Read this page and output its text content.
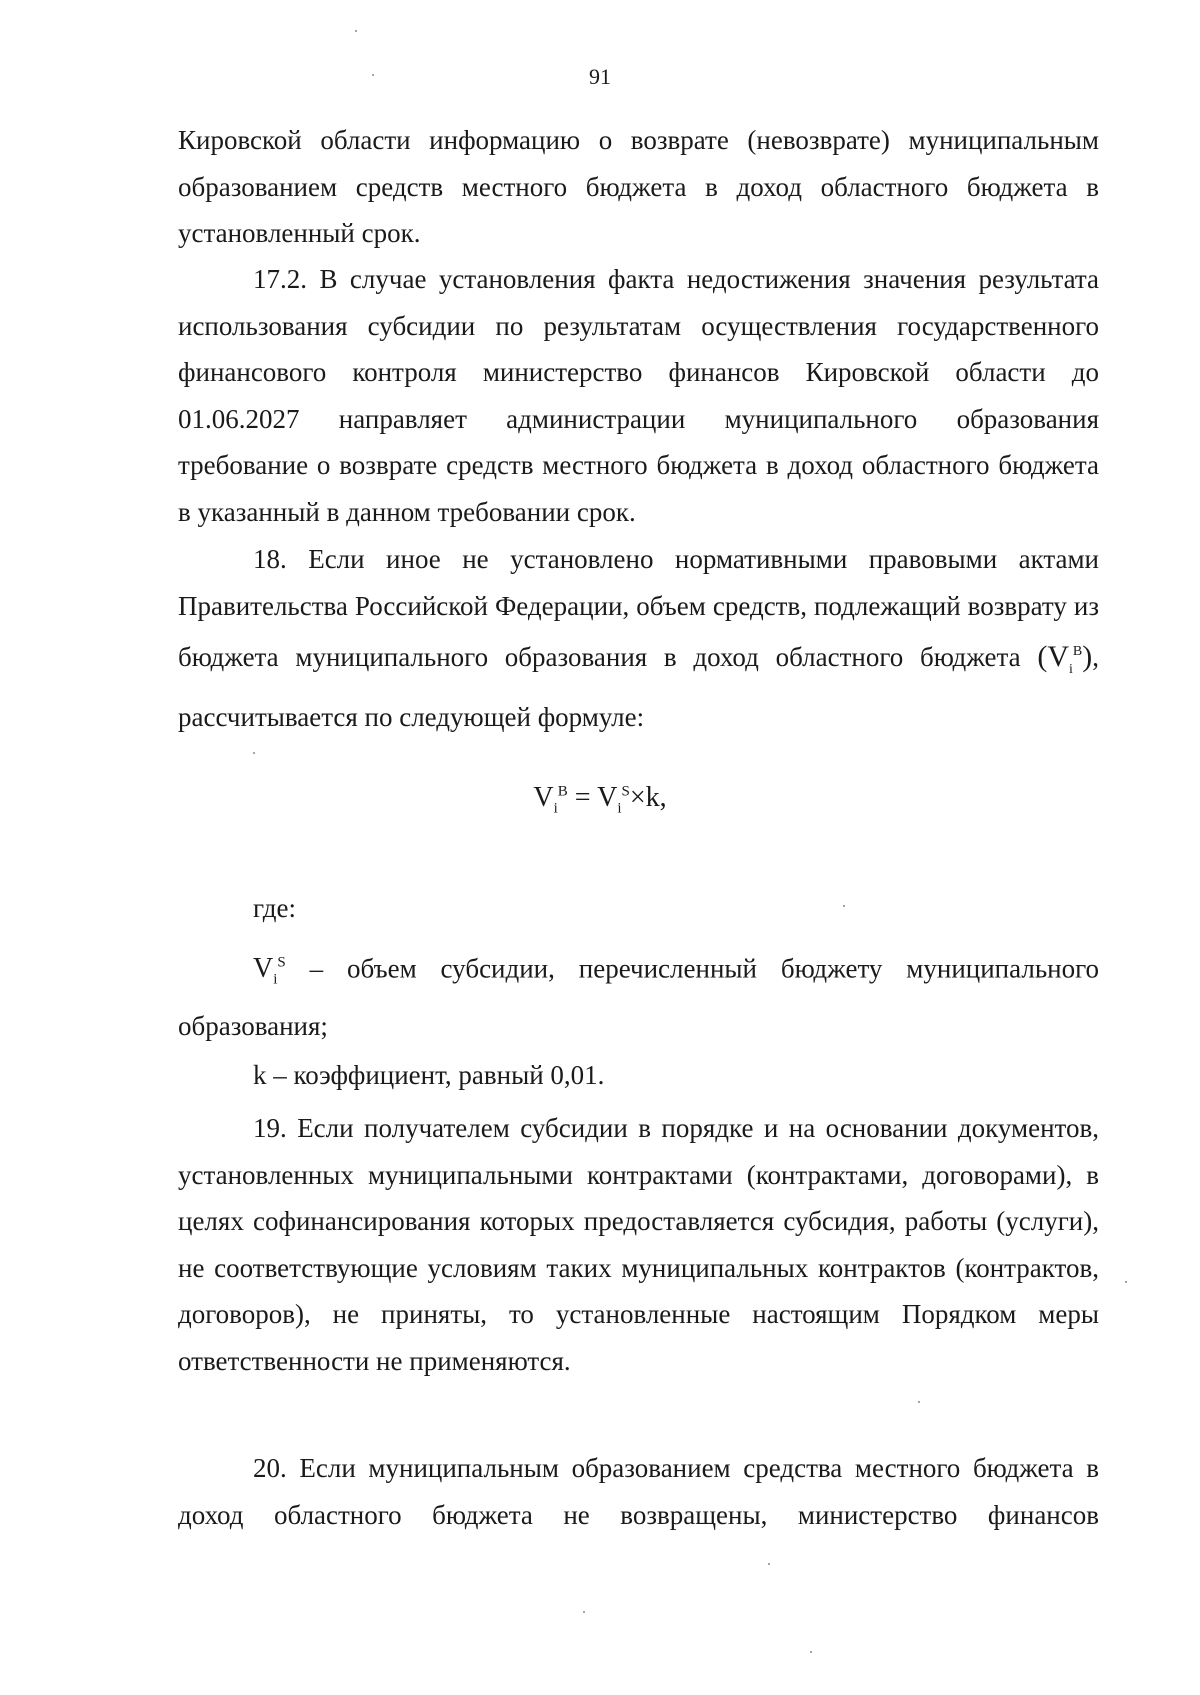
91

Кировской области информацию о возврате (невозврате) муниципальным образованием средств местного бюджета в доход областного бюджета в установленный срок.

17.2. В случае установления факта недостижения значения результата использования субсидии по результатам осуществления государственного финансового контроля министерство финансов Кировской области до 01.06.2027 направляет администрации муниципального образования требование о возврате средств местного бюджета в доход областного бюджета в указанный в данном требовании срок.

18. Если иное не установлено нормативными правовыми актами Правительства Российской Федерации, объем средств, подлежащий возврату из бюджета муниципального образования в доход областного бюджета $(V_i^B)$, рассчитывается по следующей формуле:

$V_i^B = V_i^S\times k$,
где:

$V_i^S$ – объем субсидии, перечисленный бюджету муниципального образования;

k – коэффициент, равный 0,01.

19. Если получателем субсидии в порядке и на основании документов, установленных муниципальными контрактами (контрактами, договорами), в целях софинансирования которых предоставляется субсидия, работы (услуги), не соответствующие условиям таких муниципальных контрактов (контрактов, договоров), не приняты, то установленные настоящим Порядком меры ответственности не применяются.

20. Если муниципальным образованием средства местного бюджета в доход областного бюджета не возвращены, министерство финансов
